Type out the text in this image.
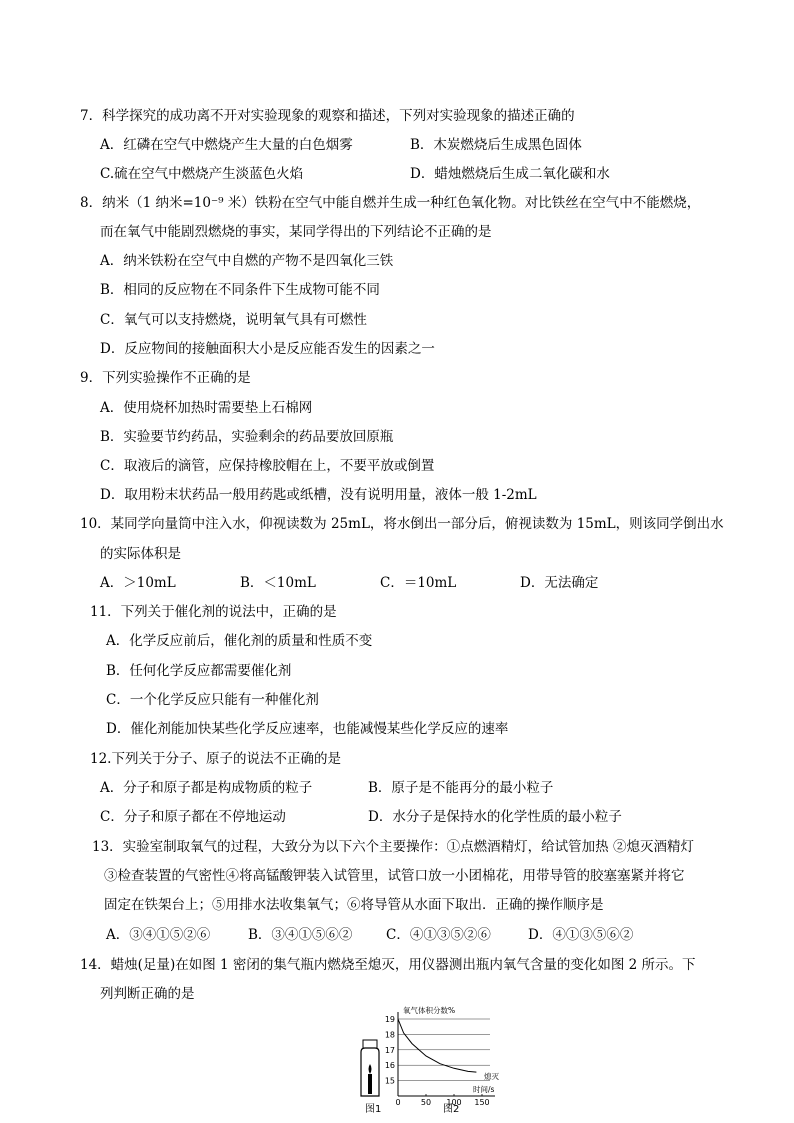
7．科学探究的成功离不开对实验现象的观察和描述，下列对实验现象的描述正确的
A．红磷在空气中燃烧产生大量的白色烟雾	B．木炭燃烧后生成黑色固体
C.硫在空气中燃烧产生淡蓝色火焰	D．蜡烛燃烧后生成二氧化碳和水
8．纳米（1 纳米=10⁻⁹ 米）铁粉在空气中能自燃并生成一种红色氧化物。对比铁丝在空气中不能燃烧，
而在氧气中能剧烈燃烧的事实，某同学得出的下列结论不正确的是
A．纳米铁粉在空气中自燃的产物不是四氧化三铁
B．相同的反应物在不同条件下生成物可能不同
C．氧气可以支持燃烧，说明氧气具有可燃性
D．反应物间的接触面积大小是反应能否发生的因素之一
9．下列实验操作不正确的是
A．使用烧杯加热时需要垫上石棉网
B．实验要节约药品，实验剩余的药品要放回原瓶
C．取液后的滴管，应保持橡胶帽在上，不要平放或倒置
D．取用粉末状药品一般用药匙或纸槽，没有说明用量，液体一般 1-2mL
10．某同学向量筒中注入水，仰视读数为 25mL，将水倒出一部分后，俯视读数为 15mL，则该同学倒出水
的实际体积是
A．＞10mL	B．＜10mL	C．＝10mL	D．无法确定
11．下列关于催化剂的说法中，正确的是
A．化学反应前后，催化剂的质量和性质不变
B．任何化学反应都需要催化剂
C．一个化学反应只能有一种催化剂
D．催化剂能加快某些化学反应速率，也能减慢某些化学反应的速率
12.下列关于分子、原子的说法不正确的是
A．分子和原子都是构成物质的粒子	B．原子是不能再分的最小粒子
C．分子和原子都在不停地运动	D．水分子是保持水的化学性质的最小粒子
13．实验室制取氧气的过程，大致分为以下六个主要操作：①点燃酒精灯，给试管加热 ②熄灭酒精灯
③检查装置的气密性④将高锰酸钾装入试管里，试管口放一小团棉花，用带导管的胶塞塞紧并将它
固定在铁架台上；⑤用排水法收集氧气；⑥将导管从水面下取出．正确的操作顺序是
A．③④①⑤②⑥	B．③④①⑤⑥② C．④①③⑤②⑥	D．④①③⑤⑥②
14．蜡烛(足量)在如图 1 密闭的集气瓶内燃烧至熄灭，用仪器测出瓶内氧气含量的变化如图 2 所示。下
列判断正确的是
图1
氧气体积分数%
时间/s
熄灭
15
16
17
18
19
0	50 100 150
图2
